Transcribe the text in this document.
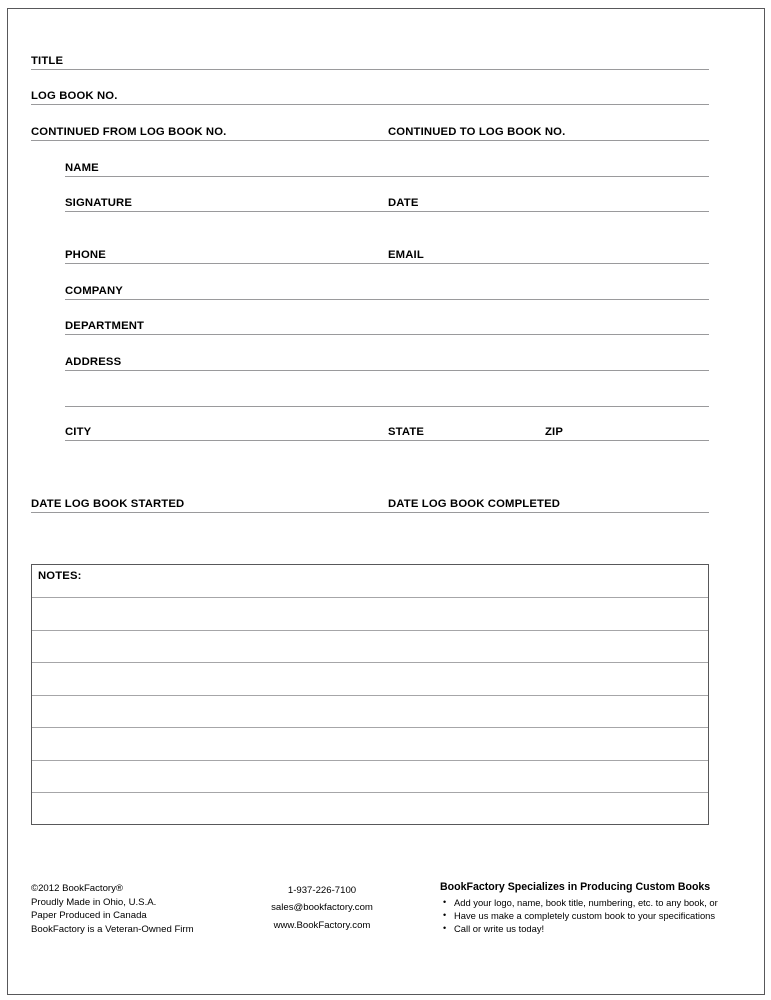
TITLE
LOG BOOK NO.
CONTINUED FROM LOG BOOK NO.	CONTINUED TO LOG BOOK NO.
NAME
SIGNATURE	DATE
PHONE	EMAIL
COMPANY
DEPARTMENT
ADDRESS
CITY	STATE	ZIP
DATE LOG BOOK STARTED	DATE LOG BOOK COMPLETED
NOTES:
©2012 BookFactory®
Proudly Made in Ohio, U.S.A.
Paper Produced in Canada
BookFactory is a Veteran-Owned Firm
1-937-226-7100
sales@bookfactory.com
www.BookFactory.com
BookFactory Specializes in Producing Custom Books
• Add your logo, name, book title, numbering, etc. to any book, or
• Have us make a completely custom book to your specifications
• Call or write us today!
